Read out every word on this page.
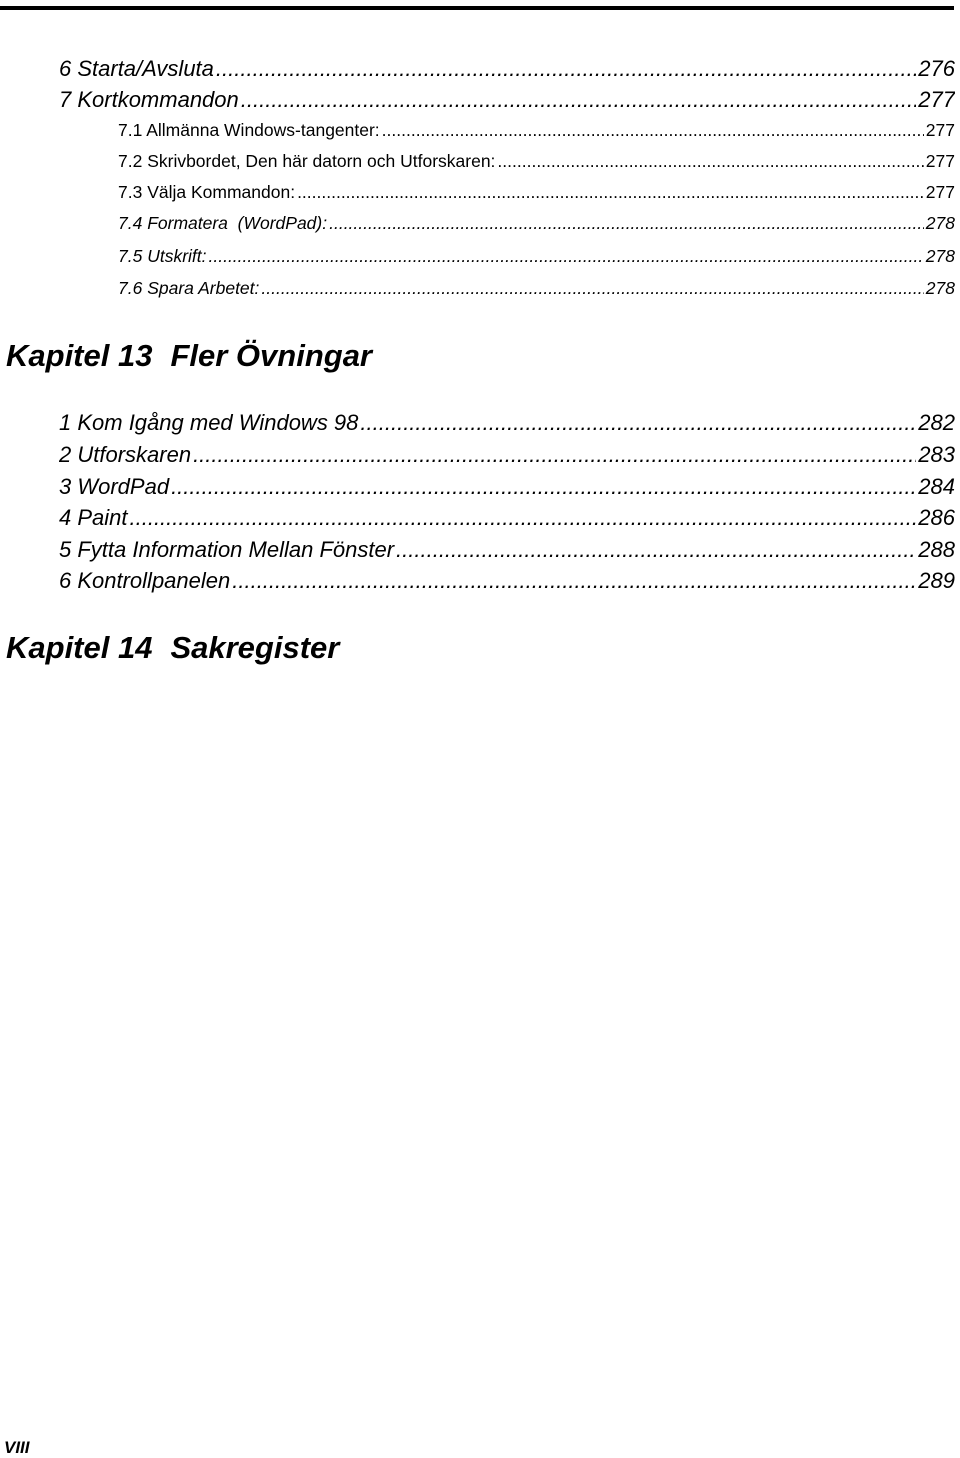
6 Starta/Avsluta .....	276
7 Kortkommandon .....	277
7.1 Allmänna Windows-tangenter: .....	277
7.2 Skrivbordet, Den här datorn och Utforskaren: .....	277
7.3 Välja Kommandon: .....	277
7.4 Formatera  (WordPad): .....	278
7.5 Utskrift: .....	278
7.6 Spara Arbetet: .....	278
Kapitel 13 Fler Övningar
1 Kom Igång med Windows 98 .....	282
2 Utforskaren .....	283
3 WordPad .....	284
4 Paint .....	286
5 Fytta Information Mellan Fönster .....	288
6 Kontrollpanelen .....	289
Kapitel 14 Sakregister
VIII
